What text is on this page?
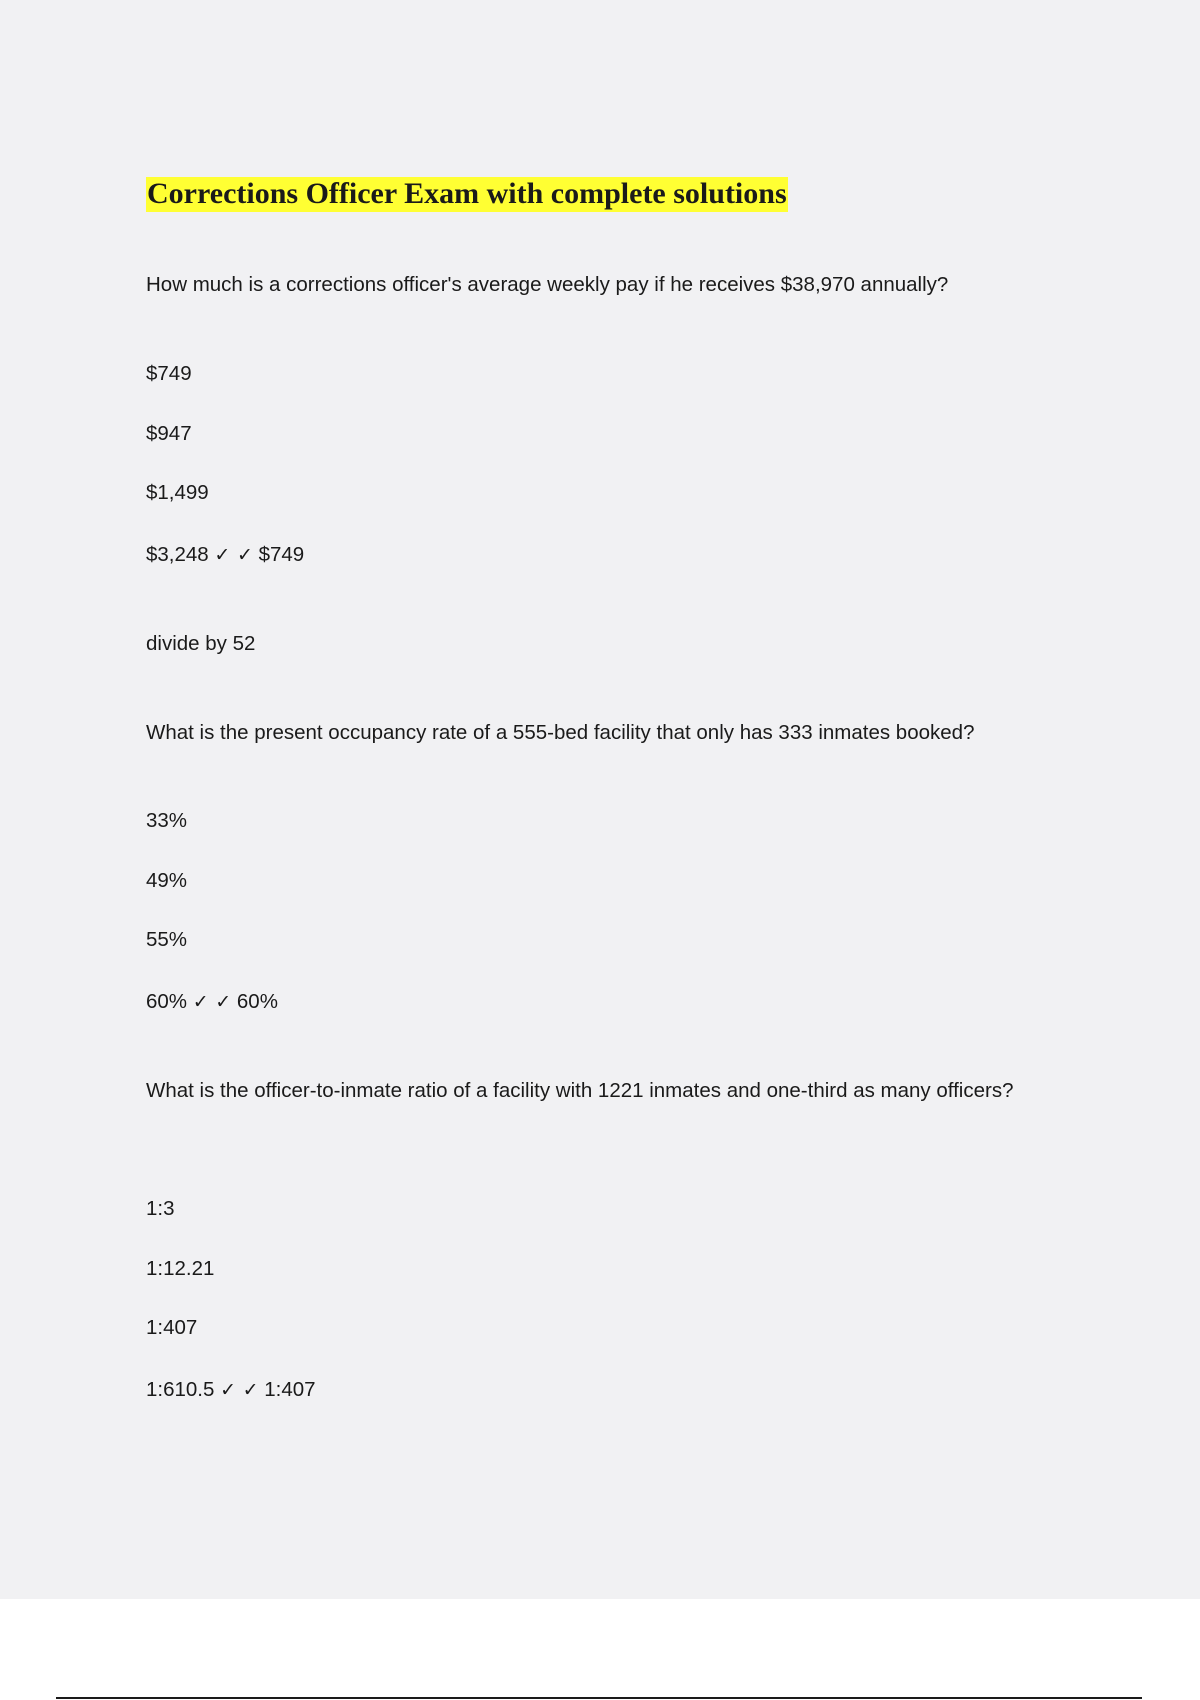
Corrections Officer Exam with complete solutions

How much is a corrections officer's average weekly pay if he receives $38,970 annually?

$749

$947

$1,499

$3,248 ✓ ✓ $749

divide by 52

What is the present occupancy rate of a 555-bed facility that only has 333 inmates booked?

33%

49%

55%

60% ✓ ✓ 60%

What is the officer-to-inmate ratio of a facility with 1221 inmates and one-third as many officers?

1:3

1:12.21

1:407

1:610.5 ✓ ✓ 1:407
